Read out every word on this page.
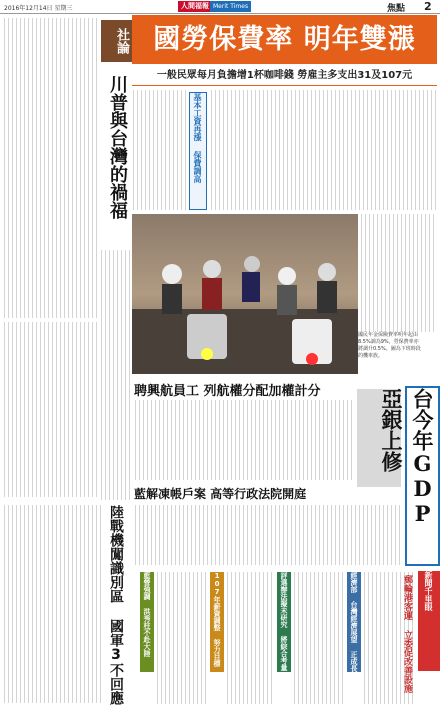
2016年12月14日 星期三	人間福報 Merit Times	焦點 2
社論
川普與台灣的禍福
國勞保費率 明年雙漲
一般民眾每月負擔增1杯咖啡錢 勞雇主多支出31及107元
基本工資再漲 保費調高
國民年金保險費率明年起由8.5%調為9%，勞保費率亦將調升0.5%。圖為下班時段的機車族。
聘興航員工 列航權分配加權計分	台今年GDP 亞銀上修
藍解凍帳戶案 高等行政法院開庭
陸戰機闖識別區 國軍3不回應	藍營強調 洪秀柱不赴大陸	107年薪資調整 努力目標	評選辦法擬未研究 將綜合考量	經濟部 台灣經濟展望 正成長	新聞千里眼
郵輪港客運 立委促改善設施
